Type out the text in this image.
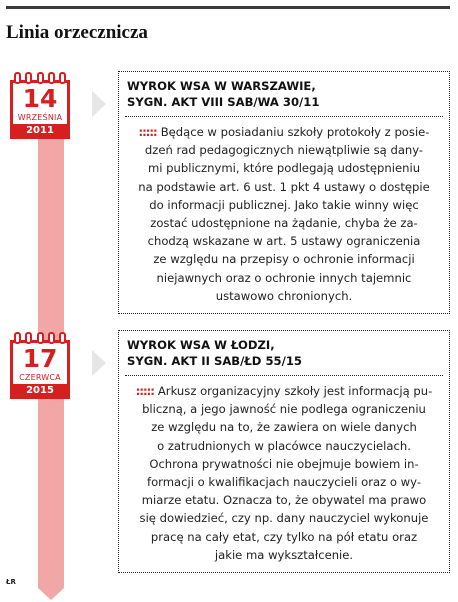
Linia orzecznicza
14
WRZEŚNIA
2011
WYROK WSA W WARSZAWIE,
SYGN. AKT VIII SAB/WA 30/11
::::: Będące w posiadaniu szkoły protokoły z posie-
dzeń rad pedagogicznych niewątpliwie są dany-
mi publicznymi, które podlegają udostępnieniu
na podstawie art. 6 ust. 1 pkt 4 ustawy o dostępie
do informacji publicznej. Jako takie winny więc
zostać udostępnione na żądanie, chyba że za-
chodzą wskazane w art. 5 ustawy ograniczenia
ze względu na przepisy o ochronie informacji
niejawnych oraz o ochronie innych tajemnic
ustawowo chronionych.
17
CZERWCA
2015
WYROK WSA W ŁODZI,
SYGN. AKT II SAB/ŁD 55/15
::::: Arkusz organizacyjny szkoły jest informacją pu-
bliczną, a jego jawność nie podlega ograniczeniu
ze względu na to, że zawiera on wiele danych
o zatrudnionych w placówce nauczycielach.
Ochrona prywatności nie obejmuje bowiem in-
formacji o kwalifikacjach nauczycieli oraz o wy-
miarze etatu. Oznacza to, że obywatel ma prawo
się dowiedzieć, czy np. dany nauczyciel wykonuje
pracę na cały etat, czy tylko na pół etatu oraz
jakie ma wykształcenie.
ŁR
